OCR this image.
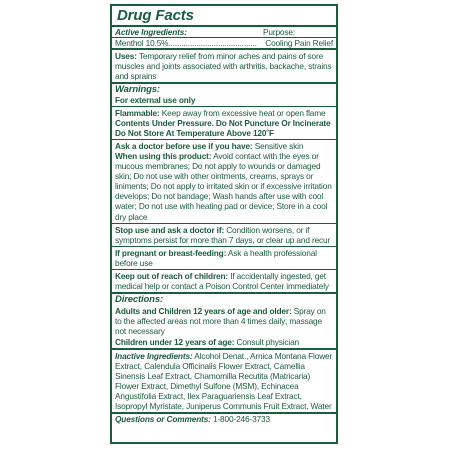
Drug Facts
Active Ingredients:	Purpose:
Menthol 10.5%.........................................	Cooling Pain Relief
Uses: Temporary relief from minor aches and pains of sore muscles and joints associated with arthritis, backache, strains and sprains
Warnings:
For external use only
Flammable: Keep away from excessive heat or open flame
Contents Under Pressure. Do Not Puncture Or Incinerate
Do Not Store At Temperature Above 120˚F
Ask a doctor before use if you have: Sensitive skin
When using this product: Avoid contact with the eyes or mucous membranes; Do not apply to wounds or damaged skin; Do not use with other ointments, creams, sprays or liniments; Do not apply to irritated skin or if excessive irritation develops; Do not bandage; Wash hands after use with cool water; Do not use with heating pad or device; Store in a cool dry place
Stop use and ask a doctor if: Condition worsens, or if symptoms persist for more than 7 days, or clear up and recur
If pregnant or breast-feeding: Ask a health professional before use
Keep out of reach of children: If accidentally ingested, get medical help or contact a Poison Control Center immediately
Directions:
Adults and Children 12 years of age and older: Spray on to the affected areas not more than 4 times daily; massage not necessary
Children under 12 years of age: Consult physician
Inactive Ingredients: Alcohol Denat., Arnica Montana Flower Extract, Calendula Officinalis Flower Extract, Camellia Sinensis Leaf Extract, Chamomilla Recutita (Matricaria) Flower Extract, Dimethyl Sulfone (MSM), Echinacea Angustifolia Extract, Ilex Paraguariensis Leaf Extract, Isopropyl Myristate, Juniperus Communis Fruit Extract, Water
Questions or Comments: 1-800-246-3733
